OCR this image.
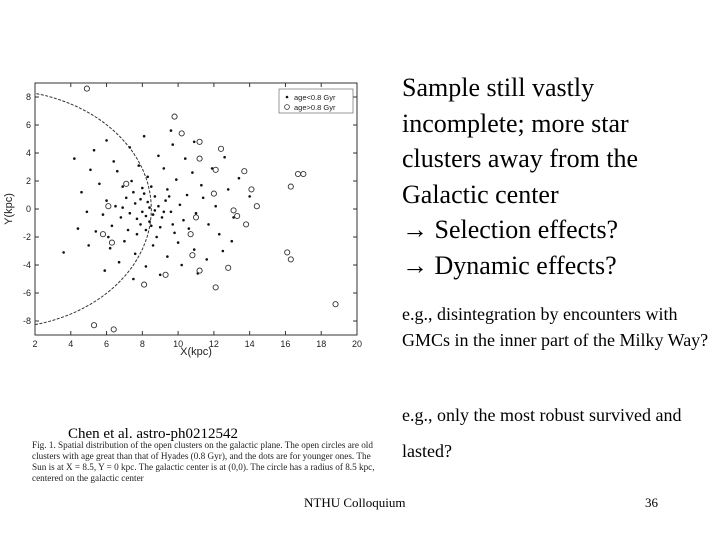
2	4	6	8	10	12	14	16	18	20
-8
-6
-4
-2
0
2
4
6
8	age<0.8 Gyr
age>0.8 Gyr
X(kpc)
Y(kpc)
Fig. 1. Spatial distribution of the open clusters on the galactic plane. The open circles are old clusters with age great than that of Hyades (0.8 Gyr), and the dots are for younger ones. The Sun is at X = 8.5, Y = 0 kpc. The galactic center is at (0,0). The circle has a radius of 8.5 kpc, centered on the galactic center
Chen et al. astro-ph0212542
Sample still vastly
incomplete; more star
clusters away from the
Galactic center
→ Selection effects?
→ Dynamic effects?
e.g., disintegration by encounters with GMCs in the inner part of the Milky Way?
e.g., only the most robust survived and lasted?
NTHU Colloquium	36
